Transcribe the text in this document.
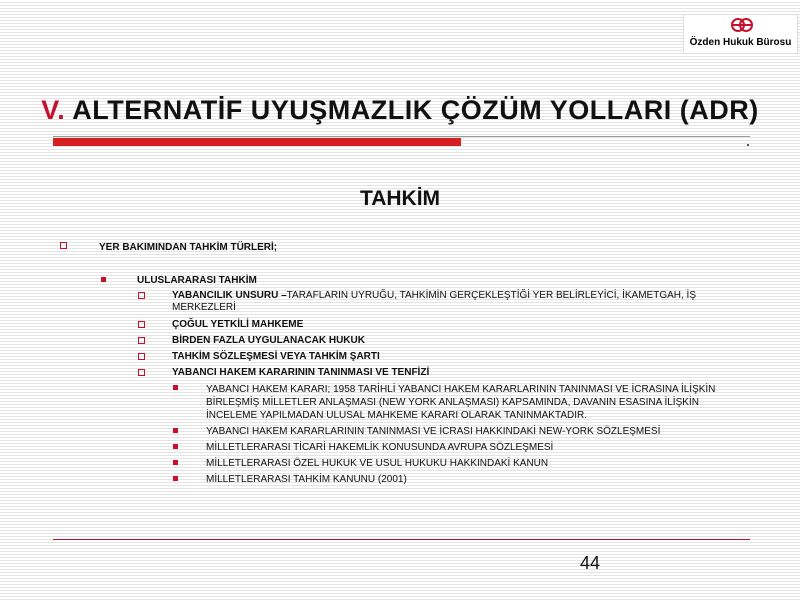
Özden Hukuk Bürosu
V. ALTERNATİF UYUŞMAZLIK ÇÖZÜM YOLLARI (ADR)
TAHKİM
YER BAKIMINDAN TAHKİM TÜRLERİ;
ULUSLARARASI TAHKİM
YABANCILIK UNSURU –TARAFLARIN UYRUĞU, TAHKİMİN GERÇEKLEŞTİĞİ YER BELİRLEYİCİ, İKAMETGAH, İŞ MERKEZLERİ
ÇOĞUL YETKİLİ MAHKEME
BİRDEN FAZLA UYGULANACAK HUKUK
TAHKİM SÖZLEŞMESİ VEYA TAHKİM ŞARTI
YABANCI HAKEM KARARININ TANINMASI VE TENFİZİ
YABANCI HAKEM KARARI; 1958 TARİHLİ YABANCI HAKEM KARARLARININ TANINMASI VE İCRASINA İLİŞKİN BİRLEŞMİŞ MİLLETLER ANLAŞMASI (NEW YORK ANLAŞMASI) KAPSAMINDA, DAVANIN ESASINA İLİŞKİN İNCELEME YAPILMADAN ULUSAL MAHKEME KARARI OLARAK TANINMAKTADIR.
YABANCI HAKEM KARARLARININ TANINMASI VE İCRASI HAKKINDAKİ NEW-YORK SÖZLEŞMESİ
MİLLETLERARASI TİCARİ HAKEMLİK KONUSUNDA AVRUPA SÖZLEŞMESİ
MİLLETLERARASI ÖZEL HUKUK VE USUL HUKUKU HAKKINDAKİ KANUN
MİLLETLERARASI TAHKİM KANUNU (2001)
44
